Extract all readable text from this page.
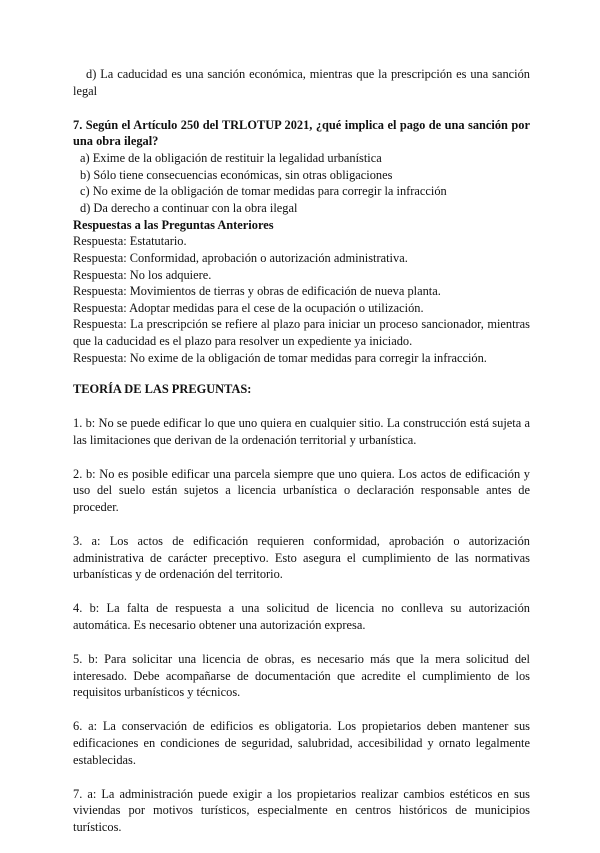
d) La caducidad es una sanción económica, mientras que la prescripción es una sanción legal

7. Según el Artículo 250 del TRLOTUP 2021, ¿qué implica el pago de una sanción por una obra ilegal?
a) Exime de la obligación de restituir la legalidad urbanística
b) Sólo tiene consecuencias económicas, sin otras obligaciones
c) No exime de la obligación de tomar medidas para corregir la infracción
d) Da derecho a continuar con la obra ilegal
Respuestas a las Preguntas Anteriores

Respuesta: Estatutario.

Respuesta: Conformidad, aprobación o autorización administrativa.

Respuesta: No los adquiere.

Respuesta: Movimientos de tierras y obras de edificación de nueva planta.

Respuesta: Adoptar medidas para el cese de la ocupación o utilización.

Respuesta: La prescripción se refiere al plazo para iniciar un proceso sancionador, mientras que la caducidad es el plazo para resolver un expediente ya iniciado.

Respuesta: No exime de la obligación de tomar medidas para corregir la infracción.

TEORÍA DE LAS PREGUNTAS:

1. b: No se puede edificar lo que uno quiera en cualquier sitio. La construcción está sujeta a las limitaciones que derivan de la ordenación territorial y urbanística.

2. b: No es posible edificar una parcela siempre que uno quiera. Los actos de edificación y uso del suelo están sujetos a licencia urbanística o declaración responsable antes de proceder.

3. a: Los actos de edificación requieren conformidad, aprobación o autorización administrativa de carácter preceptivo. Esto asegura el cumplimiento de las normativas urbanísticas y de ordenación del territorio.

4. b: La falta de respuesta a una solicitud de licencia no conlleva su autorización automática. Es necesario obtener una autorización expresa.

5. b: Para solicitar una licencia de obras, es necesario más que la mera solicitud del interesado. Debe acompañarse de documentación que acredite el cumplimiento de los requisitos urbanísticos y técnicos.

6. a: La conservación de edificios es obligatoria. Los propietarios deben mantener sus edificaciones en condiciones de seguridad, salubridad, accesibilidad y ornato legalmente establecidas.

7. a: La administración puede exigir a los propietarios realizar cambios estéticos en sus viviendas por motivos turísticos, especialmente en centros históricos de municipios turísticos.
